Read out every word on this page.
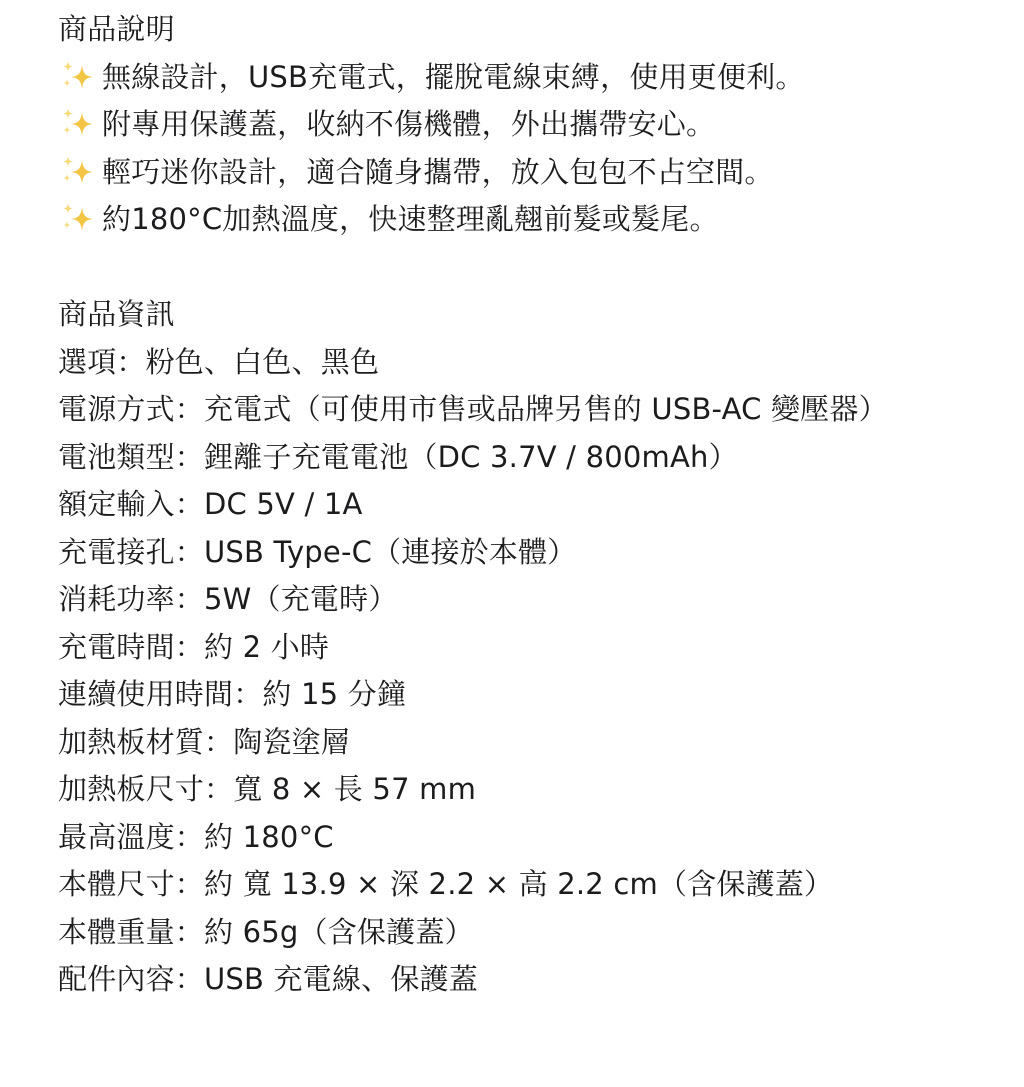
商品說明
無線設計，USB充電式，擺脫電線束縛，使用更便利。
附專用保護蓋，收納不傷機體，外出攜帶安心。
輕巧迷你設計，適合隨身攜帶，放入包包不占空間。
約180°C加熱溫度，快速整理亂翹前髮或髮尾。
商品資訊
選項：粉色、白色、黑色
電源方式：充電式（可使用市售或品牌另售的 USB-AC 變壓器）
電池類型：鋰離子充電電池（DC 3.7V / 800mAh）
額定輸入：DC 5V / 1A
充電接孔：USB Type-C（連接於本體）
消耗功率：5W（充電時）
充電時間：約 2 小時
連續使用時間：約 15 分鐘
加熱板材質：陶瓷塗層
加熱板尺寸：寬 8 × 長 57 mm
最高溫度：約 180°C
本體尺寸：約 寬 13.9 × 深 2.2 × 高 2.2 cm（含保護蓋）
本體重量：約 65g（含保護蓋）
配件內容：USB 充電線、保護蓋
